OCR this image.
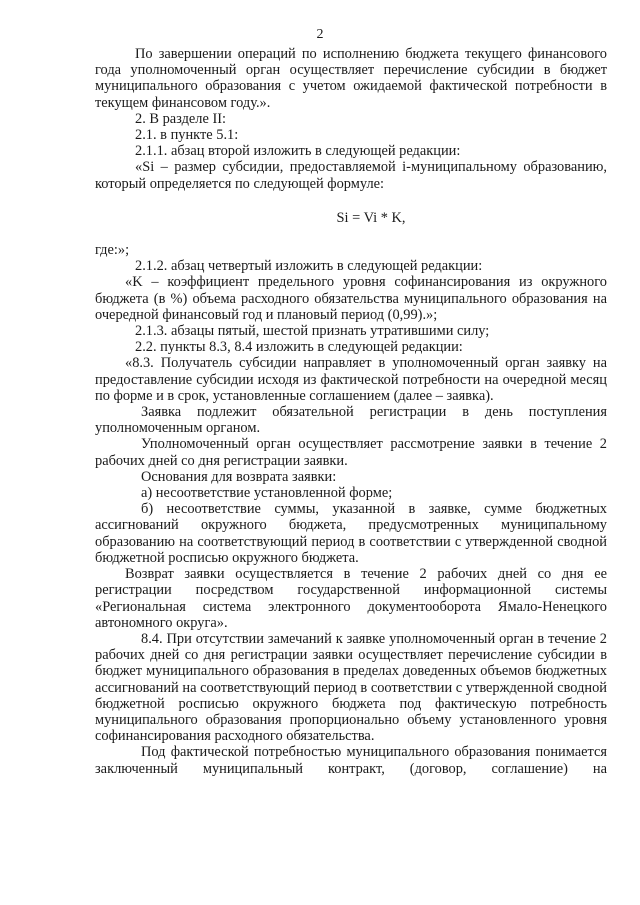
2

По завершении операций по исполнению бюджета текущего финансового года уполномоченный орган осуществляет перечисление субсидии в бюджет муниципального образования с учетом ожидаемой фактической потребности в текущем финансовом году.».

2. В разделе II:

2.1. в пункте 5.1:

2.1.1. абзац второй изложить в следующей редакции:

«Si – размер субсидии, предоставляемой i-муниципальному образованию, который определяется по следующей формуле:

Si = Vi * K,

где:»;

2.1.2. абзац четвертый изложить в следующей редакции:

«K – коэффициент предельного уровня софинансирования из окружного бюджета (в %) объема расходного обязательства муниципального образования на очередной финансовый год и плановый период (0,99).»;

2.1.3. абзацы пятый, шестой признать утратившими силу;

2.2. пункты 8.3, 8.4 изложить в следующей редакции:

«8.3. Получатель субсидии направляет в уполномоченный орган заявку на предоставление субсидии исходя из фактической потребности на очередной месяц по форме и в срок, установленные соглашением (далее – заявка).

Заявка подлежит обязательной регистрации в день поступления уполномоченным органом.

Уполномоченный орган осуществляет рассмотрение заявки в течение 2 рабочих дней со дня регистрации заявки.

Основания для возврата заявки:

а) несоответствие установленной форме;

б) несоответствие суммы, указанной в заявке, сумме бюджетных ассигнований окружного бюджета, предусмотренных муниципальному образованию на соответствующий период в соответствии с утвержденной сводной бюджетной росписью окружного бюджета.

Возврат заявки осуществляется в течение 2 рабочих дней со дня ее регистрации посредством государственной информационной системы «Региональная система электронного документооборота Ямало-Ненецкого автономного округа».

8.4. При отсутствии замечаний к заявке уполномоченный орган в течение 2 рабочих дней со дня регистрации заявки осуществляет перечисление субсидии в бюджет муниципального образования в пределах доведенных объемов бюджетных ассигнований на соответствующий период в соответствии с утвержденной сводной бюджетной росписью окружного бюджета под фактическую потребность муниципального образования пропорционально объему установленного уровня софинансирования расходного обязательства.

Под фактической потребностью муниципального образования понимается заключенный муниципальный контракт, (договор, соглашение) на
